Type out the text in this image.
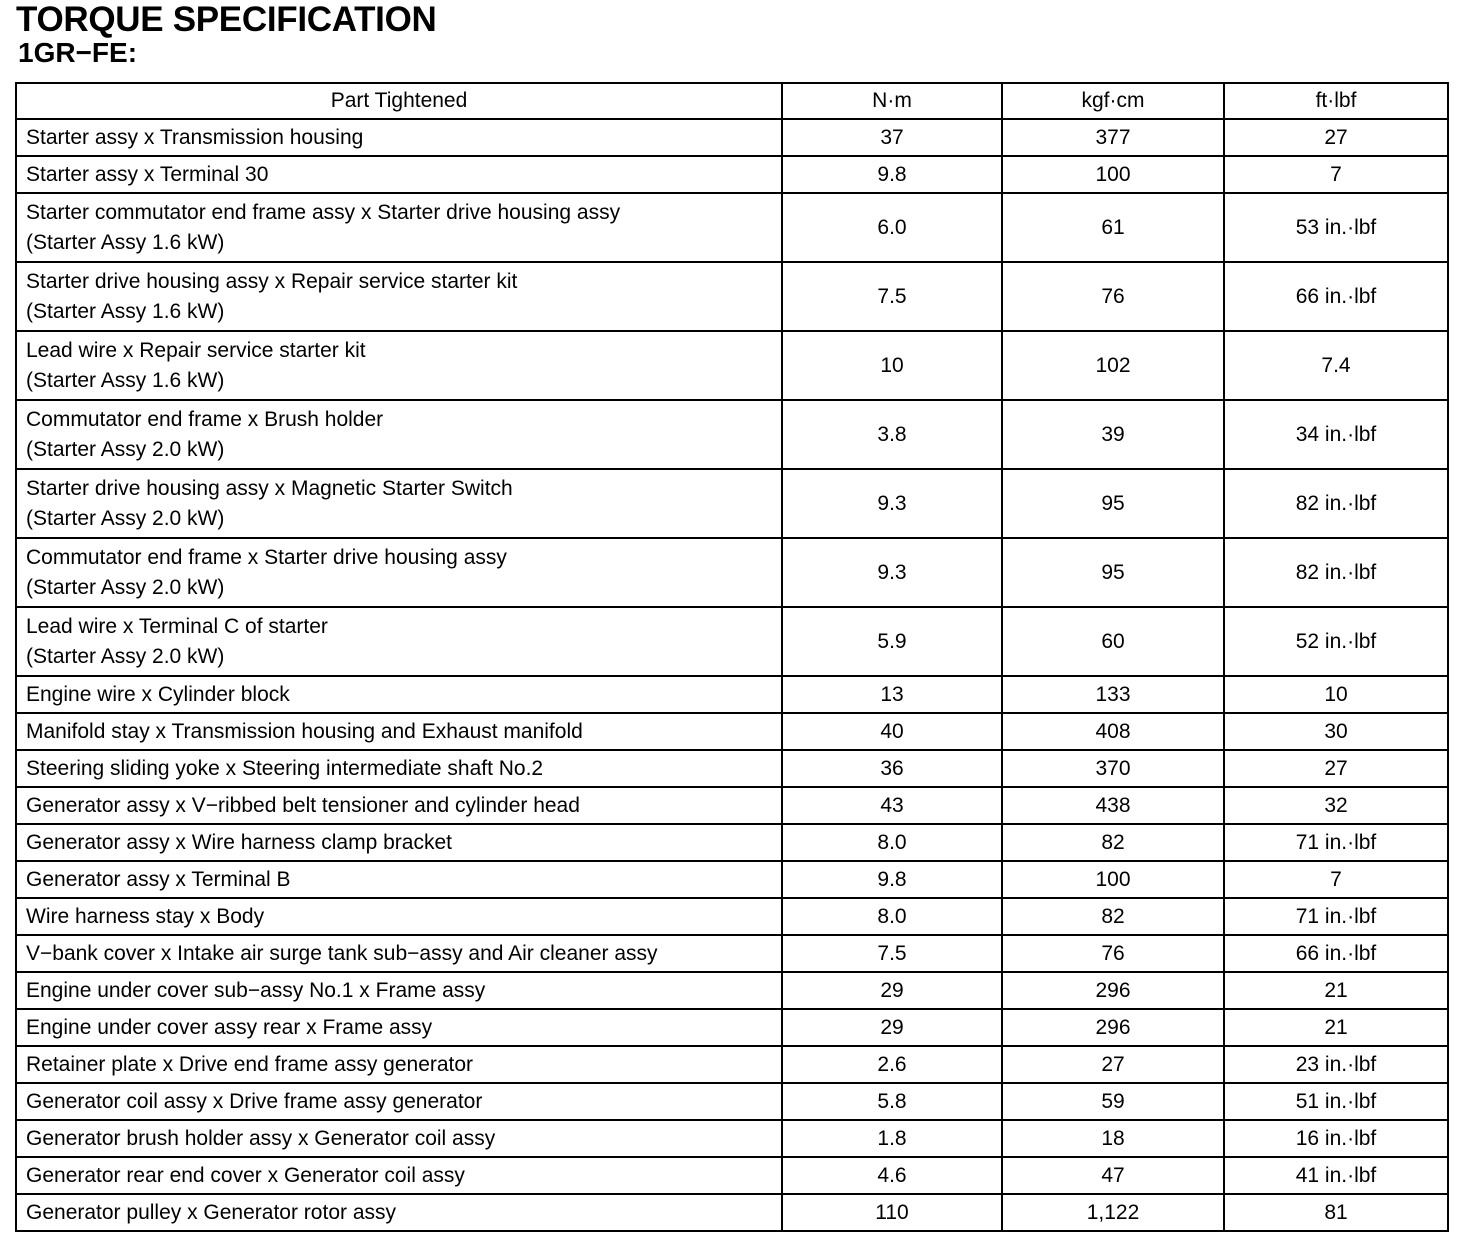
TORQUE SPECIFICATION
1GR−FE:
Part Tightened	N·m	kgf·cm	ft·lbf
Starter assy x Transmission housing	37	377	27
Starter assy x Terminal 30	9.8	100	7
Starter commutator end frame assy x Starter drive housing assy
(Starter Assy 1.6 kW)	6.0	61	53 in.·lbf
Starter drive housing assy x Repair service starter kit
(Starter Assy 1.6 kW)	7.5	76	66 in.·lbf
Lead wire x Repair service starter kit
(Starter Assy 1.6 kW)	10	102	7.4
Commutator end frame x Brush holder
(Starter Assy 2.0 kW)	3.8	39	34 in.·lbf
Starter drive housing assy x Magnetic Starter Switch
(Starter Assy 2.0 kW)	9.3	95	82 in.·lbf
Commutator end frame x Starter drive housing assy
(Starter Assy 2.0 kW)	9.3	95	82 in.·lbf
Lead wire x Terminal C of starter
(Starter Assy 2.0 kW)	5.9	60	52 in.·lbf
Engine wire x Cylinder block	13	133	10
Manifold stay x Transmission housing and Exhaust manifold	40	408	30
Steering sliding yoke x Steering intermediate shaft No.2	36	370	27
Generator assy x V−ribbed belt tensioner and cylinder head	43	438	32
Generator assy x Wire harness clamp bracket	8.0	82	71 in.·lbf
Generator assy x Terminal B	9.8	100	7
Wire harness stay x Body	8.0	82	71 in.·lbf
V−bank cover x Intake air surge tank sub−assy and Air cleaner assy	7.5	76	66 in.·lbf
Engine under cover sub−assy No.1 x Frame assy	29	296	21
Engine under cover assy rear x Frame assy	29	296	21
Retainer plate x Drive end frame assy generator	2.6	27	23 in.·lbf
Generator coil assy x Drive frame assy generator	5.8	59	51 in.·lbf
Generator brush holder assy x Generator coil assy	1.8	18	16 in.·lbf
Generator rear end cover x Generator coil assy	4.6	47	41 in.·lbf
Generator pulley x Generator rotor assy	110	1,122	81
